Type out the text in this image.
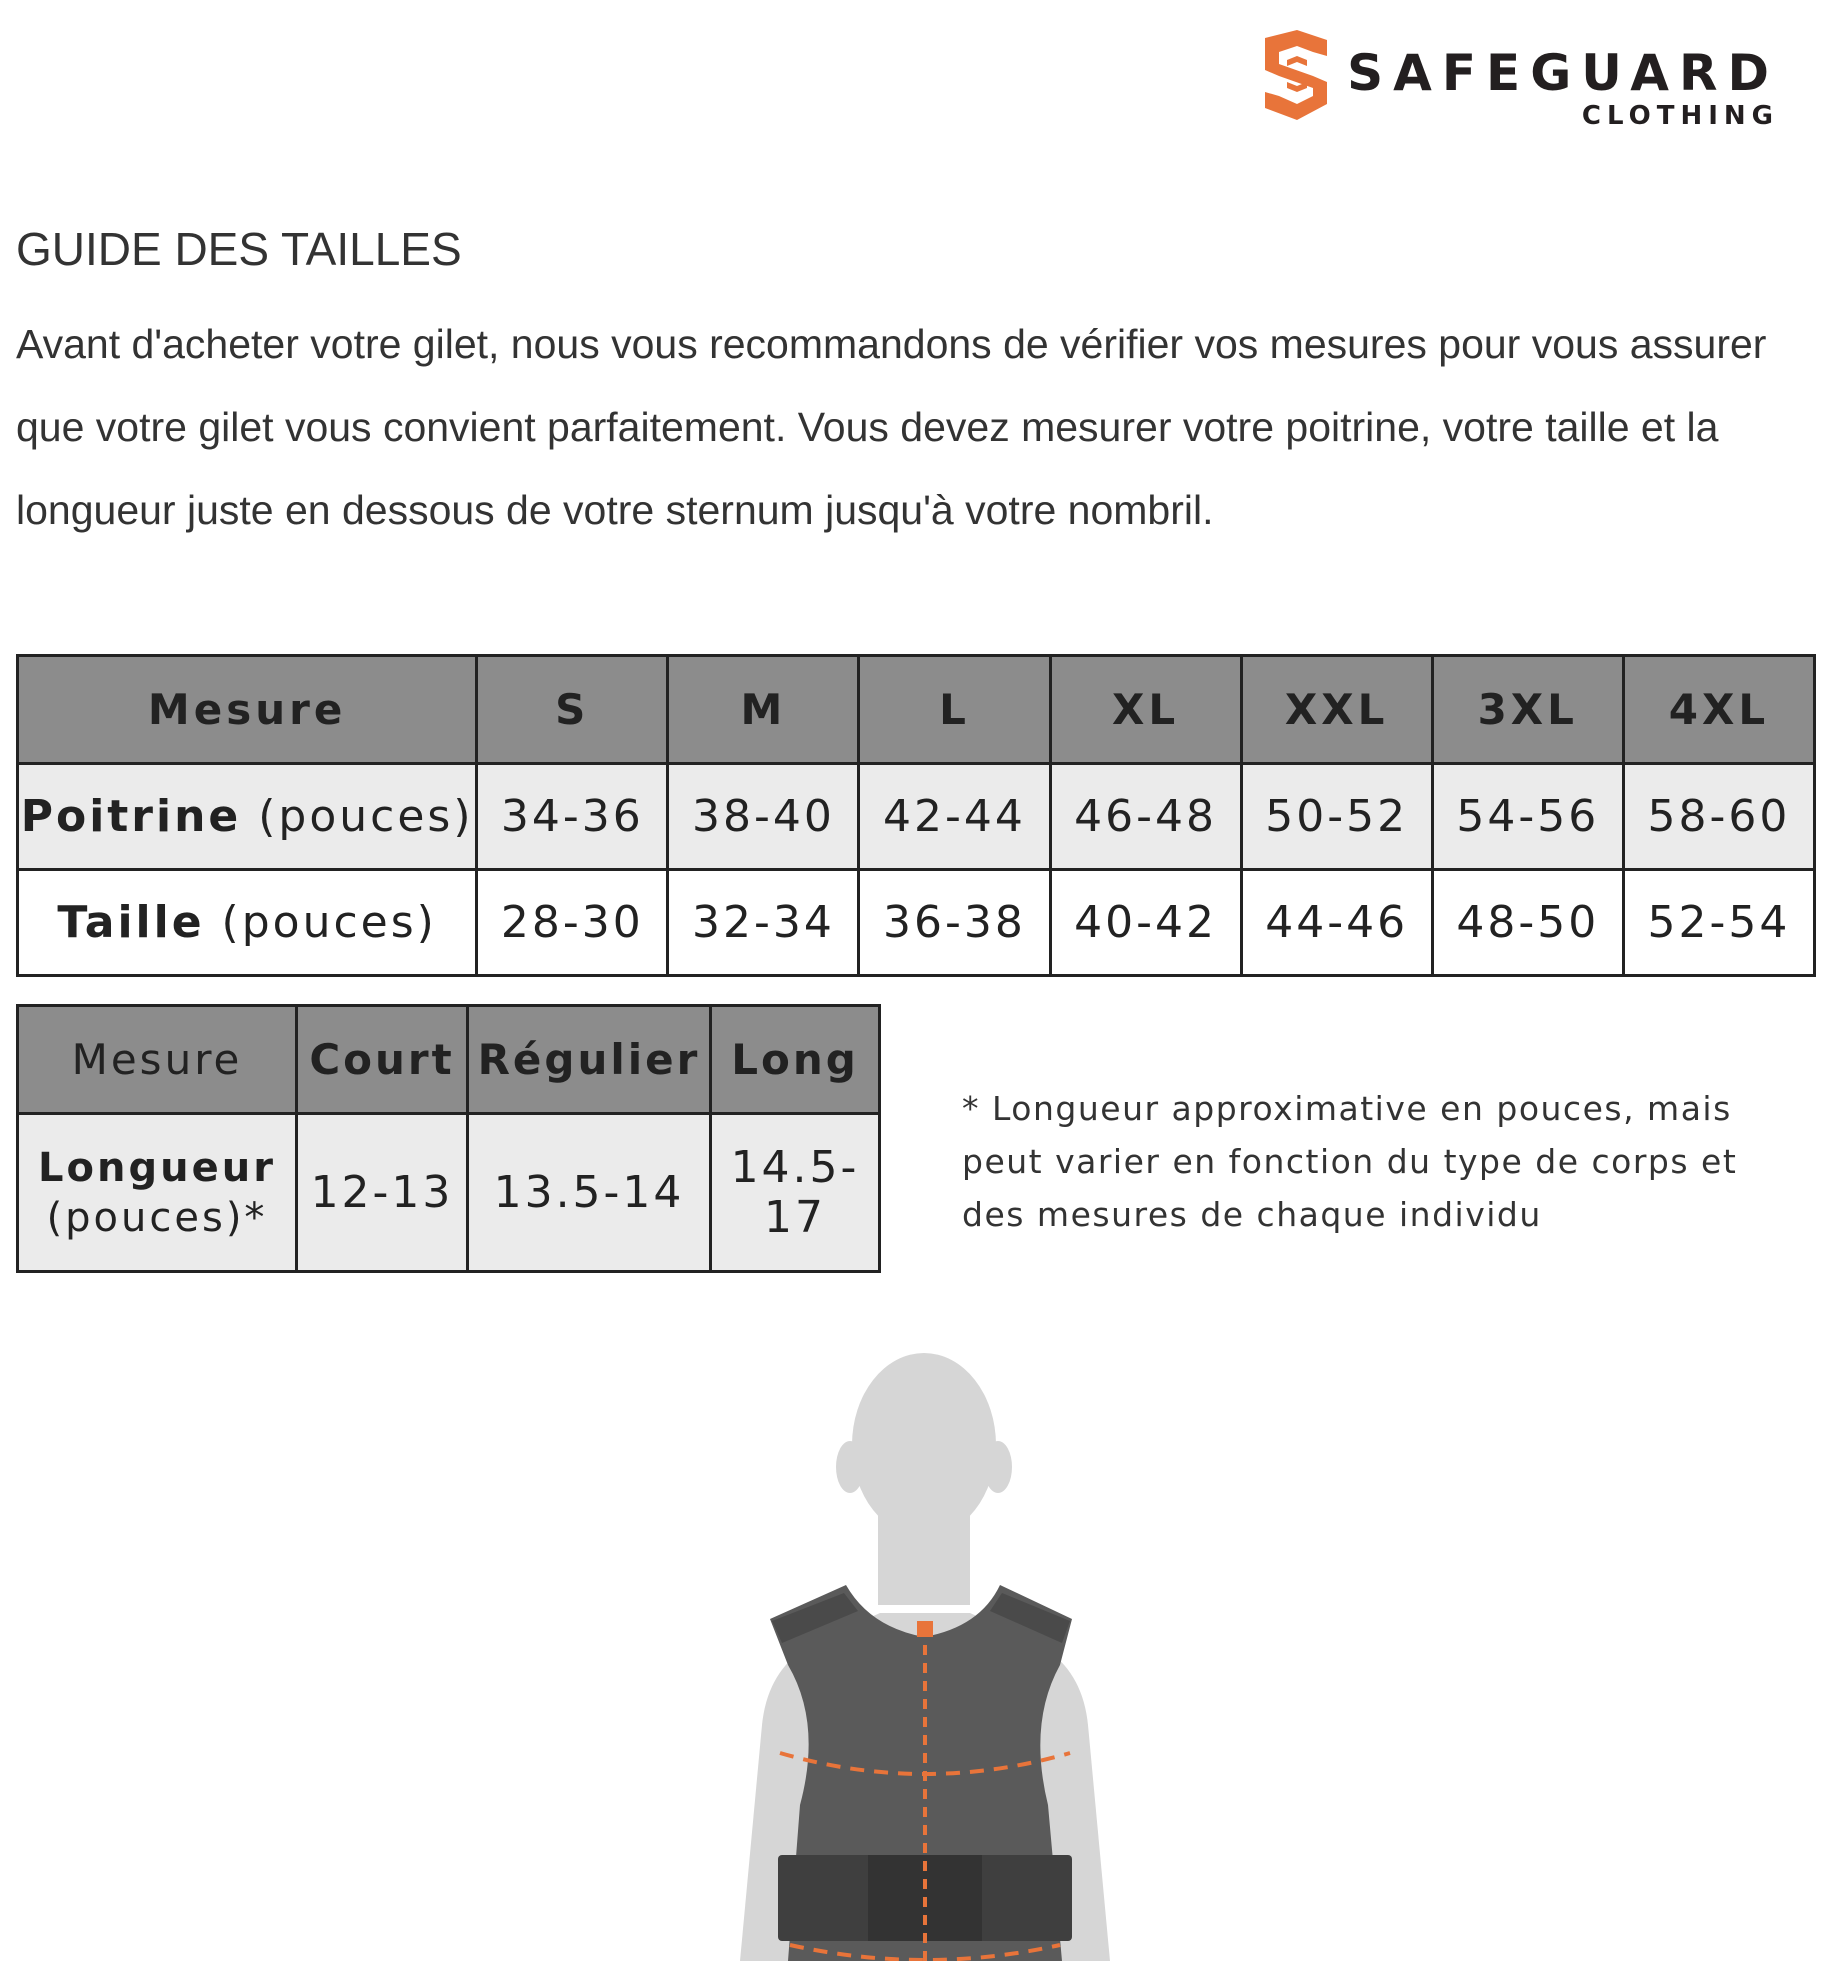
SAFEGUARD
CLOTHING
GUIDE DES TAILLES

Avant d'acheter votre gilet, nous vous recommandons de vérifier vos mesures pour vous assurer que votre gilet vous convient parfaitement. Vous devez mesurer votre poitrine, votre taille et la longueur juste en dessous de votre sternum jusqu'à votre nombril.

Mesure	S	M	L	XL	XXL	3XL	4XL
Poitrine (pouces)	34-36	38-40	42-44	46-48	50-52	54-56	58-60
Taille (pouces)	28-30	32-34	36-38	40-42	44-46	48-50	52-54
Mesure	Court	Régulier	Long
Longueur
(pouces)*	12-13	13.5-14	14.5-17

* Longueur approximative en pouces, mais peut varier en fonction du type de corps et des mesures de chaque individu
